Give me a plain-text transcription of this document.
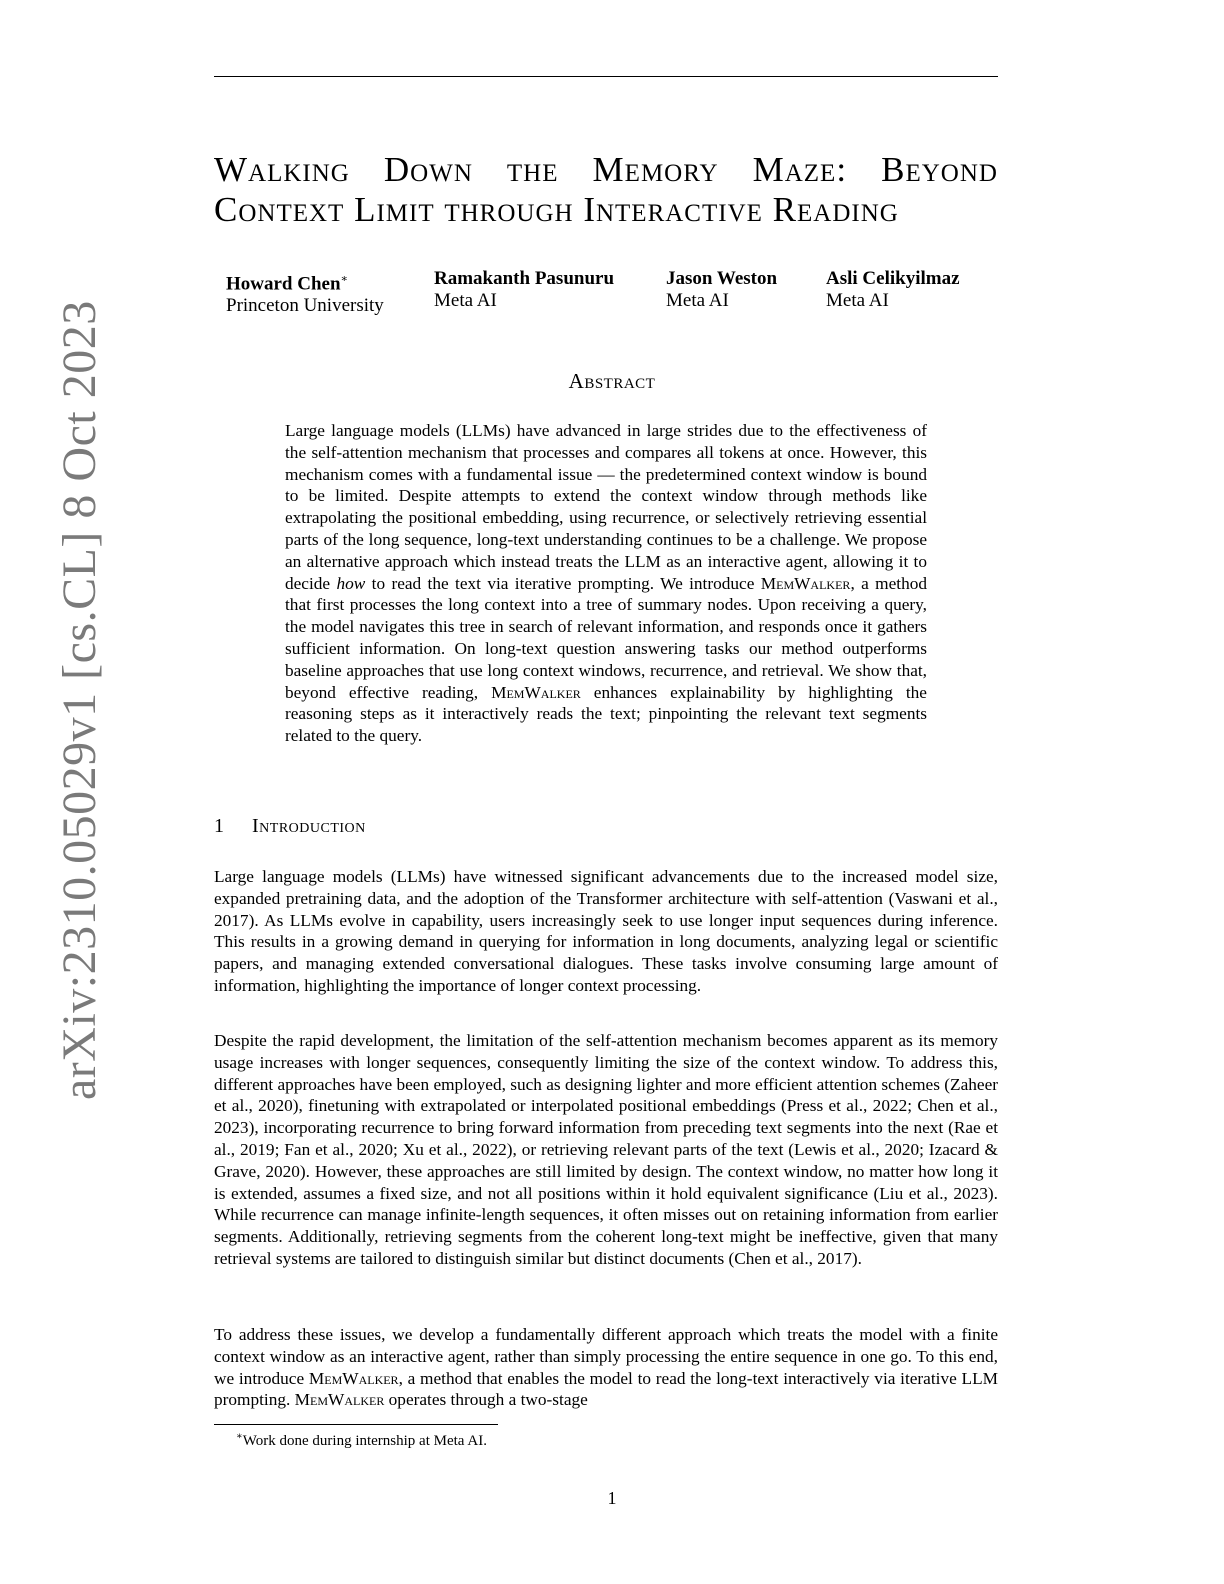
arXiv:2310.05029v1 [cs.CL] 8 Oct 2023
Walking Down the Memory Maze: Beyond
Context Limit through Interactive Reading
Howard Chen∗
Princeton University
Ramakanth Pasunuru
Meta AI
Jason Weston
Meta AI
Asli Celikyilmaz
Meta AI
Abstract
Large language models (LLMs) have advanced in large strides due to the effectiveness of the self-attention mechanism that processes and compares all tokens at once. However, this mechanism comes with a fundamental issue — the predetermined context window is bound to be limited. Despite attempts to extend the context window through methods like extrapolating the positional embedding, using recurrence, or selectively retrieving essential parts of the long sequence, long-text understanding continues to be a challenge. We propose an alternative approach which instead treats the LLM as an interactive agent, allowing it to decide how to read the text via iterative prompting. We introduce MemWalker, a method that first processes the long context into a tree of summary nodes. Upon receiving a query, the model navigates this tree in search of relevant information, and responds once it gathers sufficient information. On long-text question answering tasks our method outperforms baseline approaches that use long context windows, recurrence, and retrieval. We show that, beyond effective reading, MemWalker enhances explainability by highlighting the reasoning steps as it interactively reads the text; pinpointing the relevant text segments related to the query.
1 Introduction
Large language models (LLMs) have witnessed significant advancements due to the increased model size, expanded pretraining data, and the adoption of the Transformer architecture with self-attention (Vaswani et al., 2017). As LLMs evolve in capability, users increasingly seek to use longer input sequences during inference. This results in a growing demand in querying for information in long documents, analyzing legal or scientific papers, and managing extended conversational dialogues. These tasks involve consuming large amount of information, highlighting the importance of longer context processing.
Despite the rapid development, the limitation of the self-attention mechanism becomes apparent as its memory usage increases with longer sequences, consequently limiting the size of the context window. To address this, different approaches have been employed, such as designing lighter and more efficient attention schemes (Zaheer et al., 2020), finetuning with extrapolated or interpolated positional embeddings (Press et al., 2022; Chen et al., 2023), incorporating recurrence to bring forward information from preceding text segments into the next (Rae et al., 2019; Fan et al., 2020; Xu et al., 2022), or retrieving relevant parts of the text (Lewis et al., 2020; Izacard & Grave, 2020). However, these approaches are still limited by design. The context window, no matter how long it is extended, assumes a fixed size, and not all positions within it hold equivalent significance (Liu et al., 2023). While recurrence can manage infinite-length sequences, it often misses out on retaining information from earlier segments. Additionally, retrieving segments from the coherent long-text might be ineffective, given that many retrieval systems are tailored to distinguish similar but distinct documents (Chen et al., 2017).
To address these issues, we develop a fundamentally different approach which treats the model with a finite context window as an interactive agent, rather than simply processing the entire sequence in one go. To this end, we introduce MemWalker, a method that enables the model to read the long-text interactively via iterative LLM prompting. MemWalker operates through a two-stage
∗Work done during internship at Meta AI.
1
